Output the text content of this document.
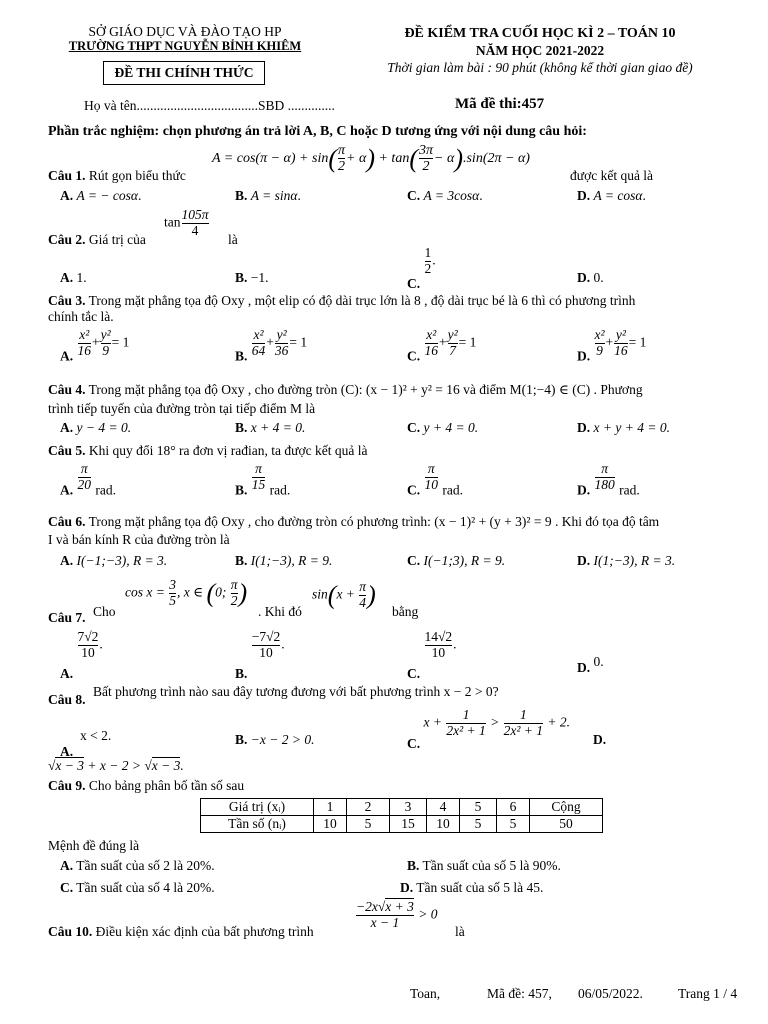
SỞ GIÁO DỤC VÀ ĐÀO TẠO HP
TRƯỜNG THPT NGUYỄN BỈNH KHIÊM
ĐỀ THI CHÍNH THỨC
ĐỀ KIỂM TRA CUỐI HỌC KÌ 2 – TOÁN 10
NĂM HỌC 2021-2022
Thời gian làm bài : 90 phút (không kể thời gian giao đề)
Họ và tên....................................SBD ..............	Mã đề thi:457
Phần trắc nghiệm: chọn phương án trả lời A, B, C hoặc D tương ứng với nội dung câu hỏi:
$A = \cos(\pi - \alpha) + \sin( \frac{\pi}{2} + \alpha) + \tan( \frac{3\pi}{2} - \alpha).\sin(2\pi - \alpha)$
Câu 1. Rút gọn biểu thức	được kết quả là
A. A = − cosα.	B. A = sinα.	C. A = 3cosα.	D. A = cosα.
Câu 2. Giá trị của
$\tan \frac{105\pi}{4}$
là
A. 1.	B. −1.	C.
$\frac{1}{2}$ .
D. 0.
Câu 3. Trong mặt phẳng tọa độ Oxy , một elip có độ dài trục lớn là 8 , độ dài trục bé là 6 thì có phương trình
chính tắc là.
A. $\frac{\text{x²}}{16} + \frac{\text{y²}}{9} = 1$
B. $\frac{\text{x²}}{64} + \frac{\text{y²}}{36} = 1$
C. $\frac{\text{x²}}{16} + \frac{\text{y²}}{7} = 1$
D. $\frac{\text{x²}}{9} + \frac{\text{y²}}{16} = 1$
Câu 4. Trong mặt phẳng tọa độ Oxy , cho đường tròn (C): (x − 1)² + y² = 16 và điểm M(1;−4) ∈ (C) . Phương
trình tiếp tuyến của đường tròn tại tiếp điểm M là
A. y − 4 = 0.	B. x + 4 = 0.	C. y + 4 = 0.	D. x + y + 4 = 0.
Câu 5. Khi quy đổi 18° ra đơn vị rađian, ta được kết quả là
A. $\frac{\pi}{20}$ rad.	B. $\frac{\pi}{15}$ rad.	C. $\frac{\pi}{10}$ rad.	D. $\frac{\pi}{180}$ rad.
Câu 6. Trong mặt phẳng tọa độ Oxy , cho đường tròn có phương trình: (x − 1)² + (y + 3)² = 9 . Khi đó tọa độ tâm
I và bán kính R của đường tròn là
A. I(−1;−3), R = 3.	B. I(1;−3), R = 9.	C. I(−1;3), R = 9.	D. I(1;−3), R = 3.
$\cos x = \frac{3}{5}$ , x ∈ (0; $\frac{\pi}{2}$ )	$\sin(x + \frac{\pi}{4}$ )
Câu 7. Cho	. Khi đó	bằng
A.
$\frac{7√2}{10}$ .
B.
$\frac{-7√2}{10}$ .
C.
$\frac{14√2}{10}$ .
D. 0.
Câu 8.
Bất phương trình nào sau đây tương đương với bất phương trình x − 2 > 0?
A.
x < 2.	B. −x − 2 > 0.	C. $x + \frac{1}{\text{2x² + 1}} > \frac{1}{\text{2x² + 1}} + 2$.
D.
√x − 3 + x − 2 > √x − 3.
Câu 9. Cho bảng phân bố tần số sau
Giá trị (xᵢ)	1	2	3	4	5	6	Cộng
Tần số (nᵢ)	10	5	15	10	5	5	50
Mệnh đề đúng là
A. Tần suất của số 2 là 20%.	B. Tần suất của số 5 là 90%.
C. Tần suất của số 4 là 20%.	D. Tần suất của số 5 là 45.
Câu 10. Điều kiện xác định của bất phương trình
$\frac{-2x√x + 3}{x - 1} > 0$
là
Toan,	Mã đề: 457, 06/05/2022.	Trang 1 / 4
